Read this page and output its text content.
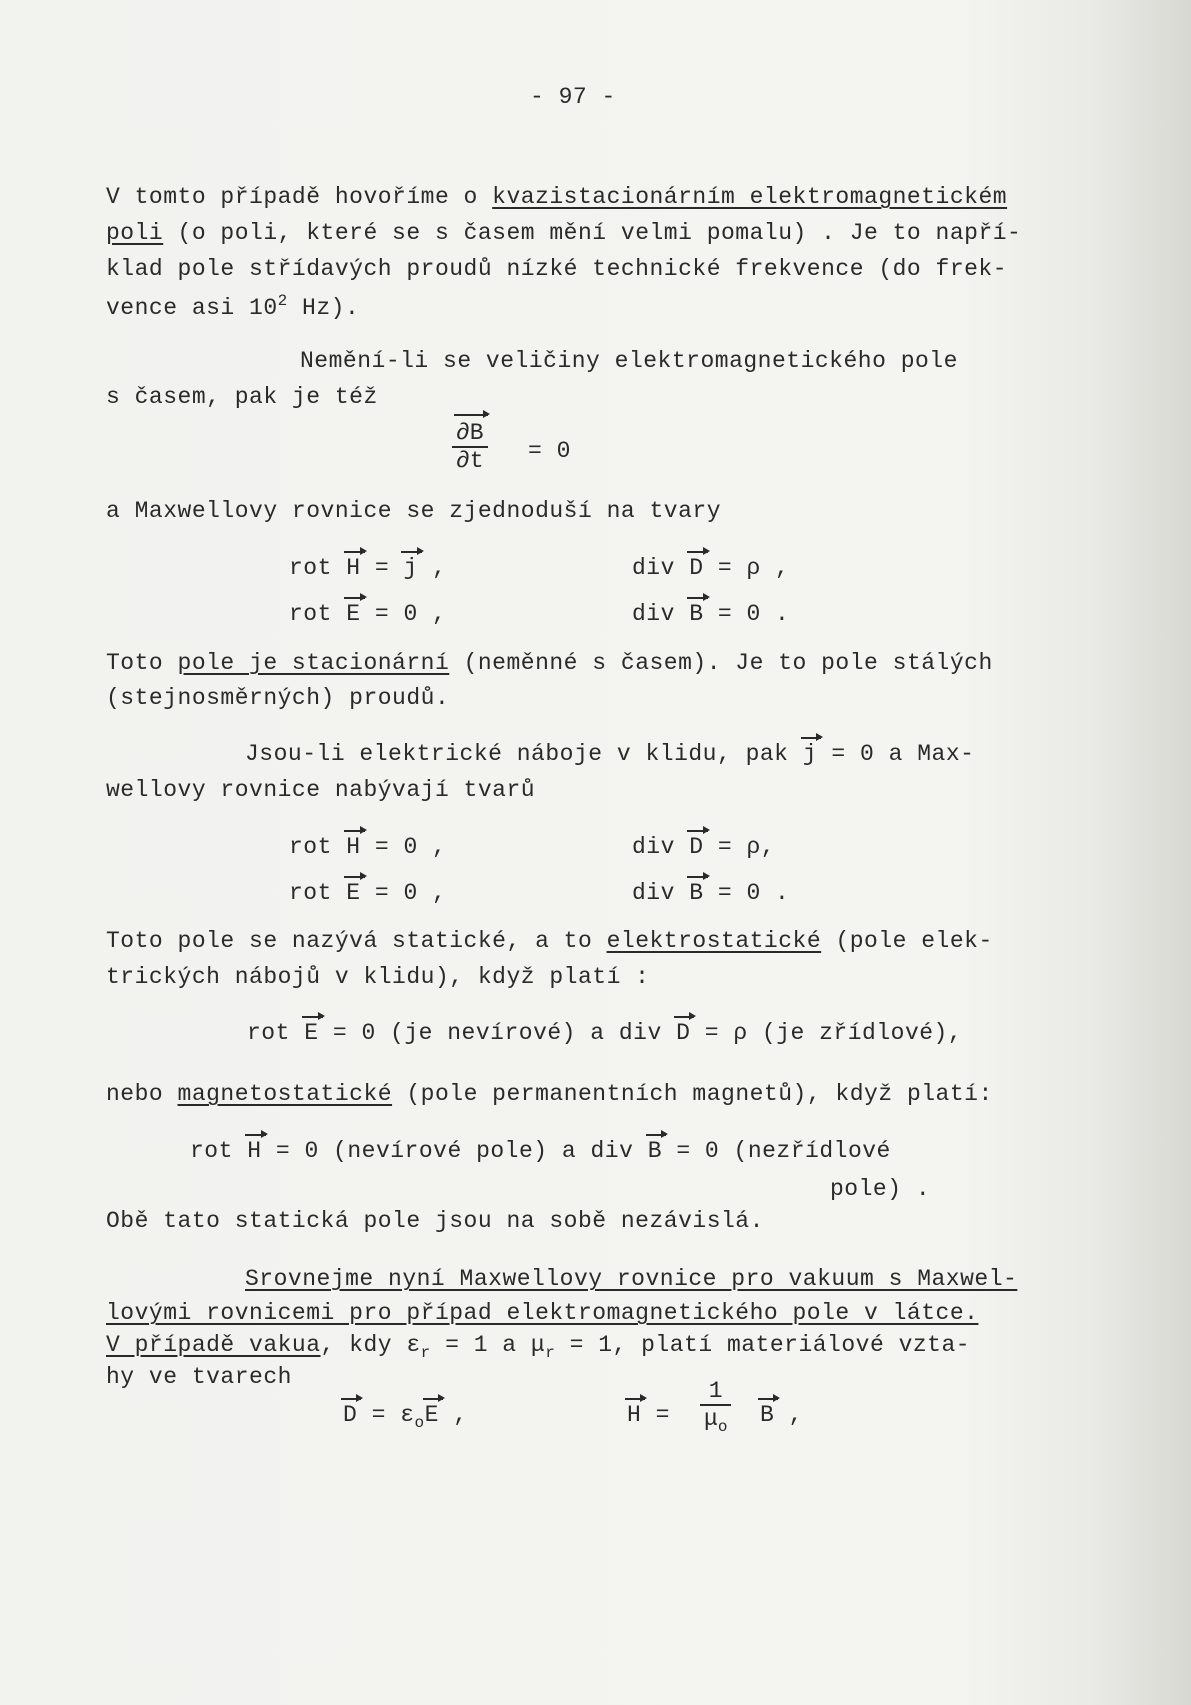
- 97 -
V tomto případě hovoříme o kvazistacionárním elektromagnetickém
poli (o poli, které se s časem mění velmi pomalu) . Je to napří-
klad pole střídavých proudů nízké technické frekvence (do frek-
vence asi $10^2$ Hz).
Nemění-li se veličiny elektromagnetického pole
s časem, pak je též
$\frac{\partial B}{\partial t} = 0$
a Maxwellovy rovnice se zjednoduší na tvary
rot H = j ,	div D = ρ ,
rot E = 0 ,	div B = 0 .
Toto pole je stacionární (neměnné s časem). Je to pole stálých
(stejnosměrných) proudů.
Jsou-li elektrické náboje v klidu, pak j = 0 a Max-
wellovy rovnice nabývají tvarů
rot H = 0 ,	div D = ρ,
rot E = 0 ,	div B = 0 .
Toto pole se nazývá statické, a to elektrostatické (pole elek-
trických nábojů v klidu), když platí :
rot E = 0 (je nevírové) a div D = ρ (je zřídlové),
nebo magnetostatické (pole permanentních magnetů), když platí:
rot H = 0 (nevírové pole) a div B = 0 (nezřídlové
pole) .
Obě tato statická pole jsou na sobě nezávislá.
Srovnejme nyní Maxwellovy rovnice pro vakuum s Maxwel-
lovými rovnicemi pro případ elektromagnetického pole v látce.
V případě vakua, kdy $\varepsilon_r = 1$ a $\mu_r = 1$, platí materiálové vzta-
hy ve tvarech
$D = \varepsilon_oE$ ,	$H = \frac{1}{\mu_o}$ B ,
